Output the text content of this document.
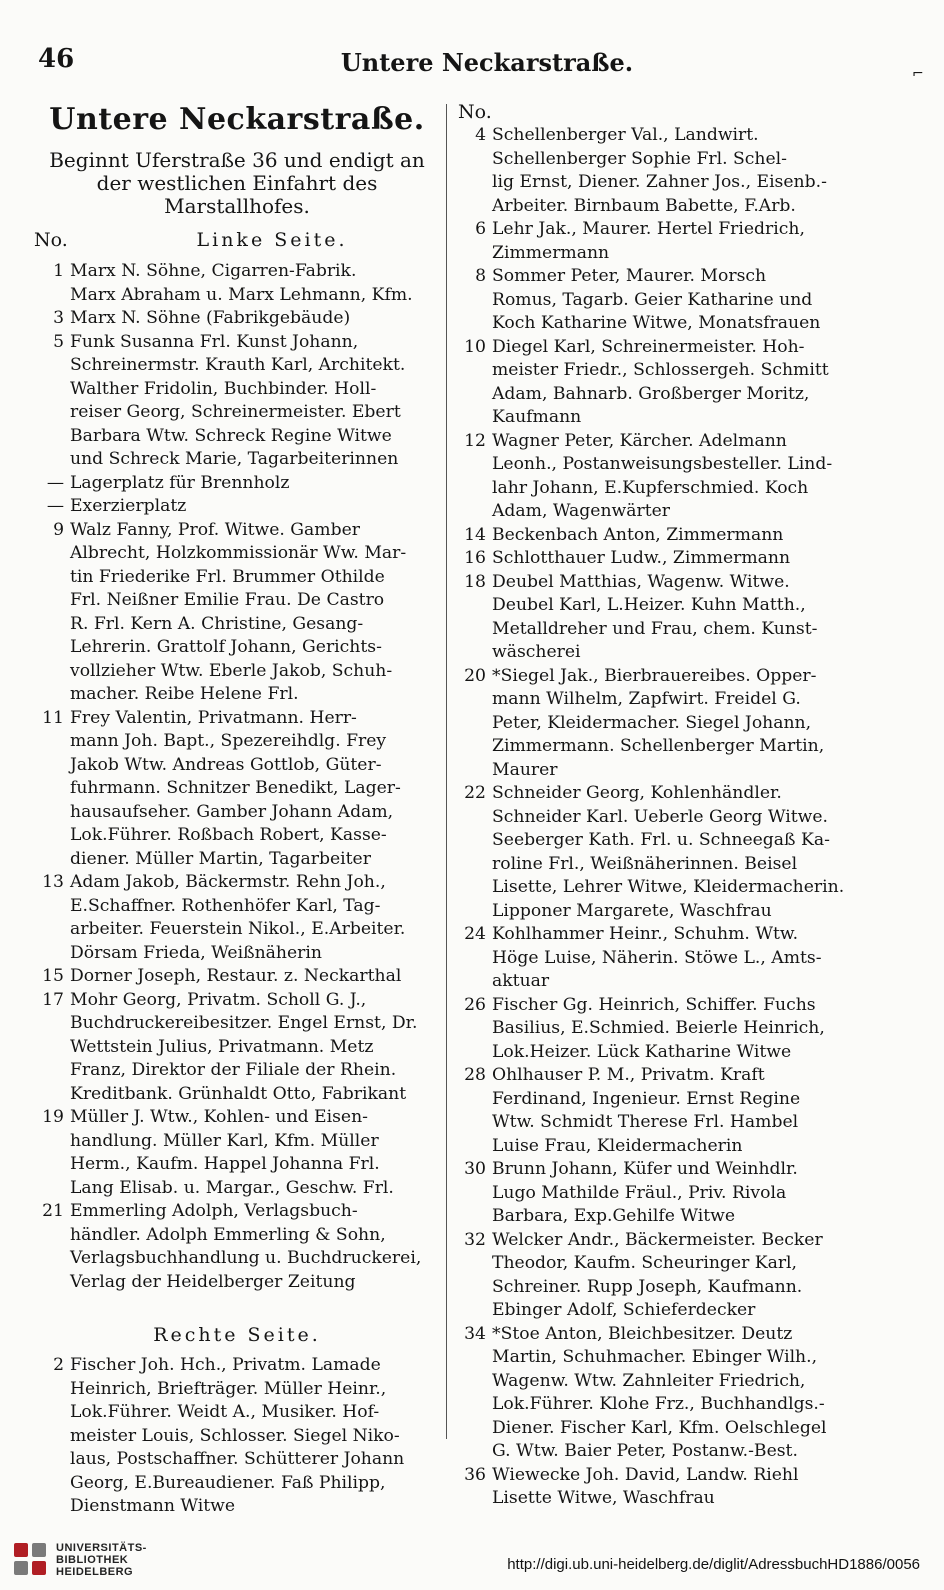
46	Untere Neckarstraße.	⌐
Untere Neckarstraße.
Beginnt Uferstraße 36 und endigt an der westlichen Einfahrt des Marstallhofes.
No.	Linke Seite.
1 Marx N. Söhne, Cigarren-Fabrik.
Marx Abraham u. Marx Lehmann, Kfm.
3 Marx N. Söhne (Fabrikgebäude)
5 Funk Susanna Frl. Kunst Johann,
Schreinermstr. Krauth Karl, Architekt.
Walther Fridolin, Buchbinder. Holl-
reiser Georg, Schreinermeister. Ebert
Barbara Wtw. Schreck Regine Witwe
und Schreck Marie, Tagarbeiterinnen
— Lagerplatz für Brennholz
— Exerzierplatz
9 Walz Fanny, Prof. Witwe. Gamber
Albrecht, Holzkommissionär Ww. Mar-
tin Friederike Frl. Brummer Othilde
Frl. Neißner Emilie Frau. De Castro
R. Frl. Kern A. Christine, Gesang-
Lehrerin. Grattolf Johann, Gerichts-
vollzieher Wtw. Eberle Jakob, Schuh-
macher. Reibe Helene Frl.
11 Frey Valentin, Privatmann. Herr-
mann Joh. Bapt., Spezereihdlg. Frey
Jakob Wtw. Andreas Gottlob, Güter-
fuhrmann. Schnitzer Benedikt, Lager-
hausaufseher. Gamber Johann Adam,
Lok.Führer. Roßbach Robert, Kasse-
diener. Müller Martin, Tagarbeiter
13 Adam Jakob, Bäckermstr. Rehn Joh.,
E.Schaffner. Rothenhöfer Karl, Tag-
arbeiter. Feuerstein Nikol., E.Arbeiter.
Dörsam Frieda, Weißnäherin
15 Dorner Joseph, Restaur. z. Neckarthal
17 Mohr Georg, Privatm. Scholl G. J.,
Buchdruckereibesitzer. Engel Ernst, Dr.
Wettstein Julius, Privatmann. Metz
Franz, Direktor der Filiale der Rhein.
Kreditbank. Grünhaldt Otto, Fabrikant
19 Müller J. Wtw., Kohlen- und Eisen-
handlung. Müller Karl, Kfm. Müller
Herm., Kaufm. Happel Johanna Frl.
Lang Elisab. u. Margar., Geschw. Frl.
21 Emmerling Adolph, Verlagsbuch-
händler. Adolph Emmerling & Sohn,
Verlagsbuchhandlung u. Buchdruckerei,
Verlag der Heidelberger Zeitung
Rechte Seite.
2 Fischer Joh. Hch., Privatm. Lamade
Heinrich, Briefträger. Müller Heinr.,
Lok.Führer. Weidt A., Musiker. Hof-
meister Louis, Schlosser. Siegel Niko-
laus, Postschaffner. Schütterer Johann
Georg, E.Bureaudiener. Faß Philipp,
Dienstmann Witwe
No.
4 Schellenberger Val., Landwirt.
Schellenberger Sophie Frl. Schel-
lig Ernst, Diener. Zahner Jos., Eisenb.-
Arbeiter. Birnbaum Babette, F.Arb.
6 Lehr Jak., Maurer. Hertel Friedrich,
Zimmermann
8 Sommer Peter, Maurer. Morsch
Romus, Tagarb. Geier Katharine und
Koch Katharine Witwe, Monatsfrauen
10 Diegel Karl, Schreinermeister. Hoh-
meister Friedr., Schlossergeh. Schmitt
Adam, Bahnarb. Großberger Moritz,
Kaufmann
12 Wagner Peter, Kärcher. Adelmann
Leonh., Postanweisungsbesteller. Lind-
lahr Johann, E.Kupferschmied. Koch
Adam, Wagenwärter
14 Beckenbach Anton, Zimmermann
16 Schlotthauer Ludw., Zimmermann
18 Deubel Matthias, Wagenw. Witwe.
Deubel Karl, L.Heizer. Kuhn Matth.,
Metalldreher und Frau, chem. Kunst-
wäscherei
20 *Siegel Jak., Bierbrauereibes. Opper-
mann Wilhelm, Zapfwirt. Freidel G.
Peter, Kleidermacher. Siegel Johann,
Zimmermann. Schellenberger Martin,
Maurer
22 Schneider Georg, Kohlenhändler.
Schneider Karl. Ueberle Georg Witwe.
Seeberger Kath. Frl. u. Schneegaß Ka-
roline Frl., Weißnäherinnen. Beisel
Lisette, Lehrer Witwe, Kleidermacherin.
Lipponer Margarete, Waschfrau
24 Kohlhammer Heinr., Schuhm. Wtw.
Höge Luise, Näherin. Stöwe L., Amts-
aktuar
26 Fischer Gg. Heinrich, Schiffer. Fuchs
Basilius, E.Schmied. Beierle Heinrich,
Lok.Heizer. Lück Katharine Witwe
28 Ohlhauser P. M., Privatm. Kraft
Ferdinand, Ingenieur. Ernst Regine
Wtw. Schmidt Therese Frl. Hambel
Luise Frau, Kleidermacherin
30 Brunn Johann, Küfer und Weinhdlr.
Lugo Mathilde Fräul., Priv. Rivola
Barbara, Exp.Gehilfe Witwe
32 Welcker Andr., Bäckermeister. Becker
Theodor, Kaufm. Scheuringer Karl,
Schreiner. Rupp Joseph, Kaufmann.
Ebinger Adolf, Schieferdecker
34 *Stoe Anton, Bleichbesitzer. Deutz
Martin, Schuhmacher. Ebinger Wilh.,
Wagenw. Wtw. Zahnleiter Friedrich,
Lok.Führer. Klohe Frz., Buchhandlgs.-
Diener. Fischer Karl, Kfm. Oelschlegel
G. Wtw. Baier Peter, Postanw.-Best.
36 Wiewecke Joh. David, Landw. Riehl
Lisette Witwe, Waschfrau
UNIVERSITÄTS-
BIBLIOTHEK
HEIDELBERG	http://digi.ub.uni-heidelberg.de/diglit/AdressbuchHD1886/0056
